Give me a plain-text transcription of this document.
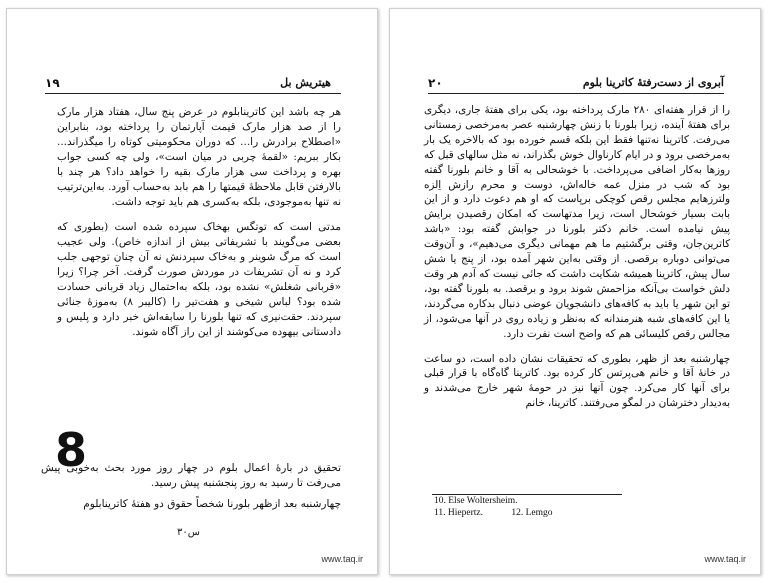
۱۹	هیتریش بل

هر چه باشد این کاترینابلوم در عرض پنج سال، هفتاد هزار مارک را از صد هزار مارک قیمت آپارتمان را پرداخته بود، بنابراین «اصطلاح برادرش را... که دوران محکومیتی کوتاه را میگذراند... بکار ببریم: «لقمهٔ چربی در میان است»، ولی چه کسی جواب بهره و پرداخت سی هزار مارک بقیه را خواهد داد؟ هر چند با بالارفتن قابل ملاحظهٔ قیمتها را هم بابد به‌حساب آورد. به‌این‌ترتیب نه تنها به‌موجودی، بلکه به‌کسری هم باید توجه داشت.

مدتی است که توتگس بهخاک سپرده شده است (بطوری که بعضی می‌گویند با تشریفاتی بیش از اندازه خاص). ولی عجیب است که مرگ شوینر و به‌خاک سپردنش نه آن چنان توجهی جلب کرد و نه آن تشریفات در موردش صورت گرفت. آخر چرا؟ زیرا «قربانی شغلش» نشده بود، بلکه به‌احتمال زیاد قربانی حسادت شده بود؟ لباس شیخی و هفت‌تیر را (کالیبر ۸) به‌موزهٔ جنائی سپردند. حقت‌نیری که تنها بلورنا را سابقه‌اش خبر دارد و پلیس و دادستانی بیهوده می‌کوشند از این راز آگاه شوند.

8

تحقیق در بارهٔ اعمال بلوم در چهار روز مورد بحث به‌خوبی پیش می‌رفت تا رسید به روز پنجشنبه پیش رسید.

چهارشنبه بعد ازظهر بلورنا شخصاً حقوق دو هفتهٔ کاترینابلوم

۳۰س
www.taq.ir
۲۰	آبروی از دست‌رفتهٔ کاترینا بلوم

را از قرار هفته‌ای ۲۸۰ مارک پرداخته بود، یکی برای هفتهٔ جاری، دیگری برای هفتهٔ آینده، زیرا بلورنا با زنش چهارشنبه عصر به‌مرخصی زمستانی می‌رفت. کاترینا نه‌تنها فقط این بلکه قسم خورده بود که بالاخره یک بار به‌مرخصی برود و در ایام کارناوال خوش بگذراند، نه مثل سالهای قبل که روزها به‌کار اضافی می‌پرداخت. با خوشحالی به آقا و خانم بلورنا گفته بود که شب در منزل عمه خاله‌اش، دوست و محرم رازش اِلزه ولترزهایم مجلس رقص کوچکی برپاست که او هم دعوت دارد و از این بابت بسیار خوشحال است، زیرا مدتهاست که امکان رقصیدن برایش پیش نیامده است. خانم دکتر بلورنا در جوابش گفته بود: «باشد کاترین‌جان، وقتی برگشتیم ما هم مهمانی دیگری می‌دهیم»، و آن‌وقت می‌توانی دوباره برقصی. از وقتی به‌این شهر آمده بود، از پنج یا شش سال پیش، کاترینا همیشه شکایت داشت که جائی نیست که آدم هر وقت دلش خواست بی‌آنکه مزاحمش شوند برود و برقصد. به بلورنا گفته بود، تو این شهر یا باید به کافه‌های دانشجویان عوضی دنبال بدکاره می‌گردند، یا این کافه‌های شبه هنرمندانه که به‌نظر و زیاده روی در آنها می‌شود، از مجالس رقص کلیسائی هم که واضح است نفرت دارد.

چهارشنبه بعد از ظهر، بطوری که تحقیقات نشان داده است، دو ساعت در خانهٔ آقا و خانم هی‌پرتس کار کرده بود. کاترینا گاه‌گاه با قرار قبلی برای آنها کار می‌کرد. چون آنها نیز در حومهٔ شهر خارج می‌شدند و به‌دیدار دخترشان در لمگو می‌رفتند. کاترینا، خانم

10. Else Woltersheim.
11. Hiepertz.	12. Lemgo
www.taq.ir
